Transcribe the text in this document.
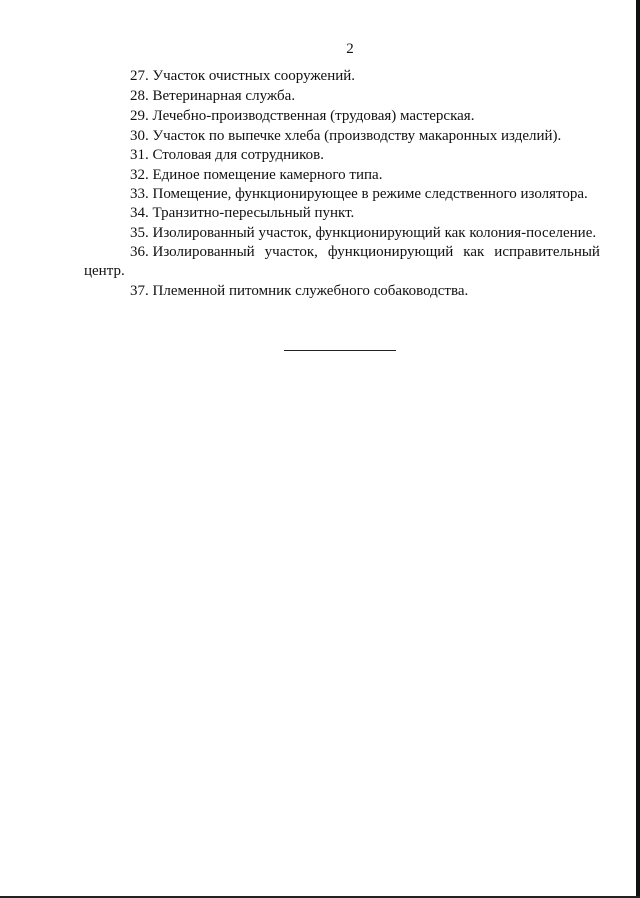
2
27. Участок очистных сооружений.
28. Ветеринарная служба.
29. Лечебно-производственная (трудовая) мастерская.
30. Участок по выпечке хлеба (производству макаронных изделий).
31. Столовая для сотрудников.
32. Единое помещение камерного типа.
33. Помещение, функционирующее в режиме следственного изолятора.
34. Транзитно-пересыльный пункт.
35. Изолированный участок, функционирующий как колония-поселение.
36. Изолированный участок, функционирующий как исправительный
центр.
37. Племенной питомник служебного собаководства.
